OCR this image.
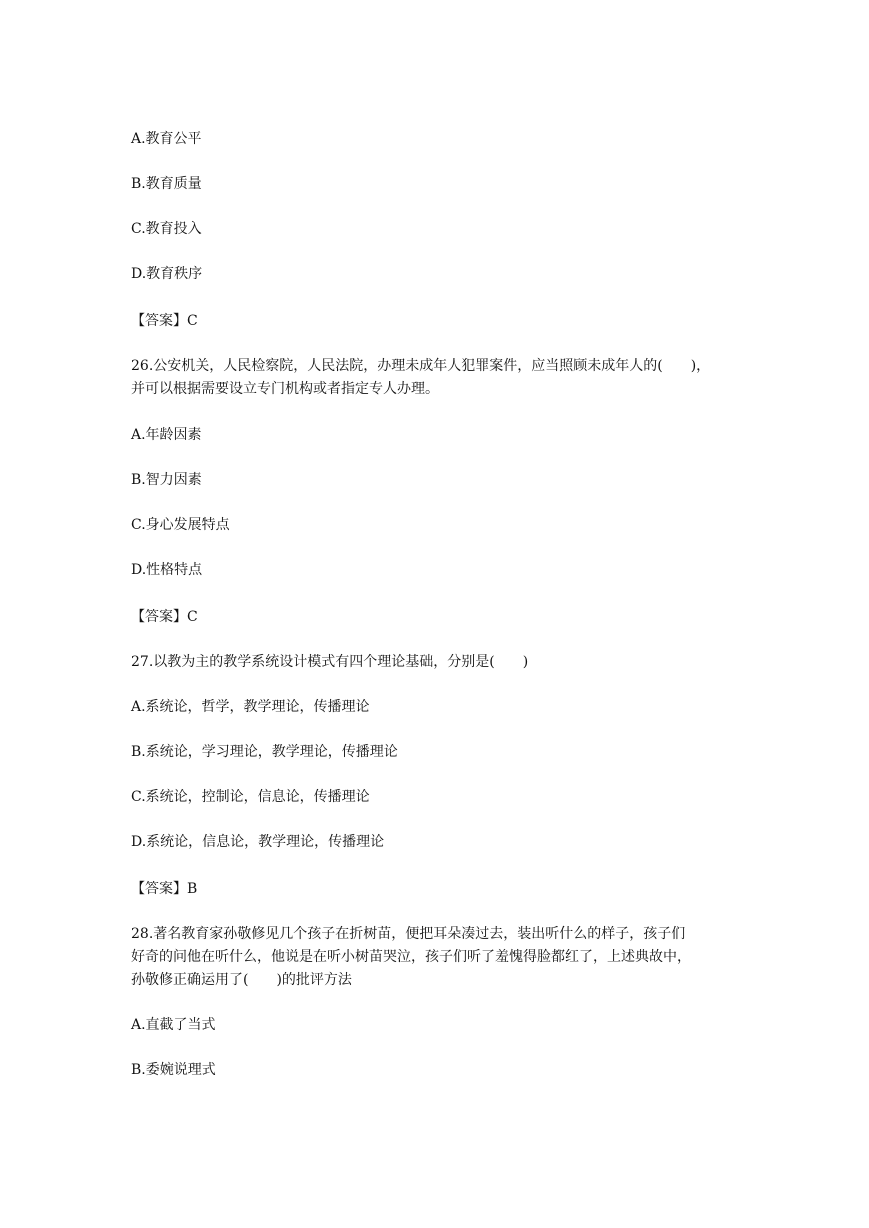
A.教育公平

B.教育质量

C.教育投入

D.教育秩序

【答案】C

26.公安机关，人民检察院，人民法院，办理未成年人犯罪案件，应当照顾未成年人的(　　)，

并可以根据需要设立专门机构或者指定专人办理。

A.年龄因素

B.智力因素

C.身心发展特点

D.性格特点

【答案】C

27.以教为主的教学系统设计模式有四个理论基础，分别是(　　)

A.系统论，哲学，教学理论，传播理论

B.系统论，学习理论，教学理论，传播理论

C.系统论，控制论，信息论，传播理论

D.系统论，信息论，教学理论，传播理论

【答案】B

28.著名教育家孙敬修见几个孩子在折树苗，便把耳朵凑过去，装出听什么的样子，孩子们

好奇的问他在听什么，他说是在听小树苗哭泣，孩子们听了羞愧得脸都红了，上述典故中，

孙敬修正确运用了(　　)的批评方法

A.直截了当式

B.委婉说理式
